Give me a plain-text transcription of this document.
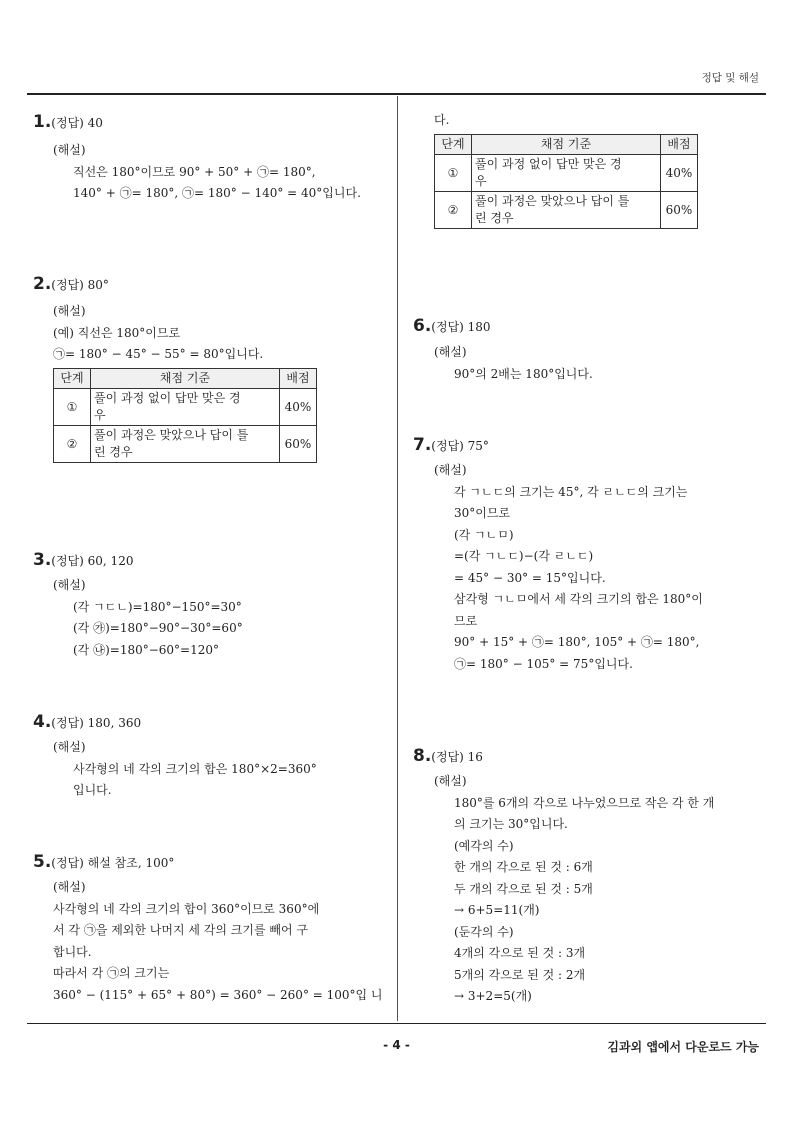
정답 및 해설
1.(정답) 40
(해설)
직선은 180°이므로 90° + 50° + ㉠= 180°,
140° + ㉠= 180°, ㉠= 180° − 140° = 40°입니다.
2.(정답) 80°
(해설)
(예) 직선은 180°이므로
㉠= 180° − 45° − 55° = 80°입니다.
단계	채점 기준	배점
①	풀이 과정 없이 답만 맞은 경
우	40%
②	풀이 과정은 맞았으나 답이 틀
린 경우	60%
3.(정답) 60, 120
(해설)
(각 ㄱㄷㄴ)=180°−150°=30°
(각 ㉮)=180°−90°−30°=60°
(각 ㉯)=180°−60°=120°
4.(정답) 180, 360
(해설)
사각형의 네 각의 크기의 합은 180°×2=360°
입니다.
5.(정답) 해설 참조, 100°
(해설)
사각형의 네 각의 크기의 합이 360°이므로 360°에
서 각 ㉠을 제외한 나머지 세 각의 크기를 빼어 구
합니다.
따라서 각 ㉠의 크기는
360° − (115° + 65° + 80°) = 360° − 260° = 100°입 니
다.
단계	채점 기준	배점
①	풀이 과정 없이 답만 맞은 경
우	40%
②	풀이 과정은 맞았으나 답이 틀
린 경우	60%
6.(정답) 180
(해설)
90°의 2배는 180°입니다.
7.(정답) 75°
(해설)
각 ㄱㄴㄷ의 크기는 45°, 각 ㄹㄴㄷ의 크기는
30°이므로
(각 ㄱㄴㅁ)
=(각 ㄱㄴㄷ)−(각 ㄹㄴㄷ)
= 45° − 30° = 15°입니다.
삼각형 ㄱㄴㅁ에서 세 각의 크기의 합은 180°이
므로
90° + 15° + ㉠= 180°, 105° + ㉠= 180°,
㉠= 180° − 105° = 75°입니다.
8.(정답) 16
(해설)
180°를 6개의 각으로 나누었으므로 작은 각 한 개
의 크기는 30°입니다.
(예각의 수)
한 개의 각으로 된 것 : 6개
두 개의 각으로 된 것 : 5개
→ 6+5=11(개)
(둔각의 수)
4개의 각으로 된 것 : 3개
5개의 각으로 된 것 : 2개
→ 3+2=5(개)
- 4 -	김과외 앱에서 다운로드 가능
